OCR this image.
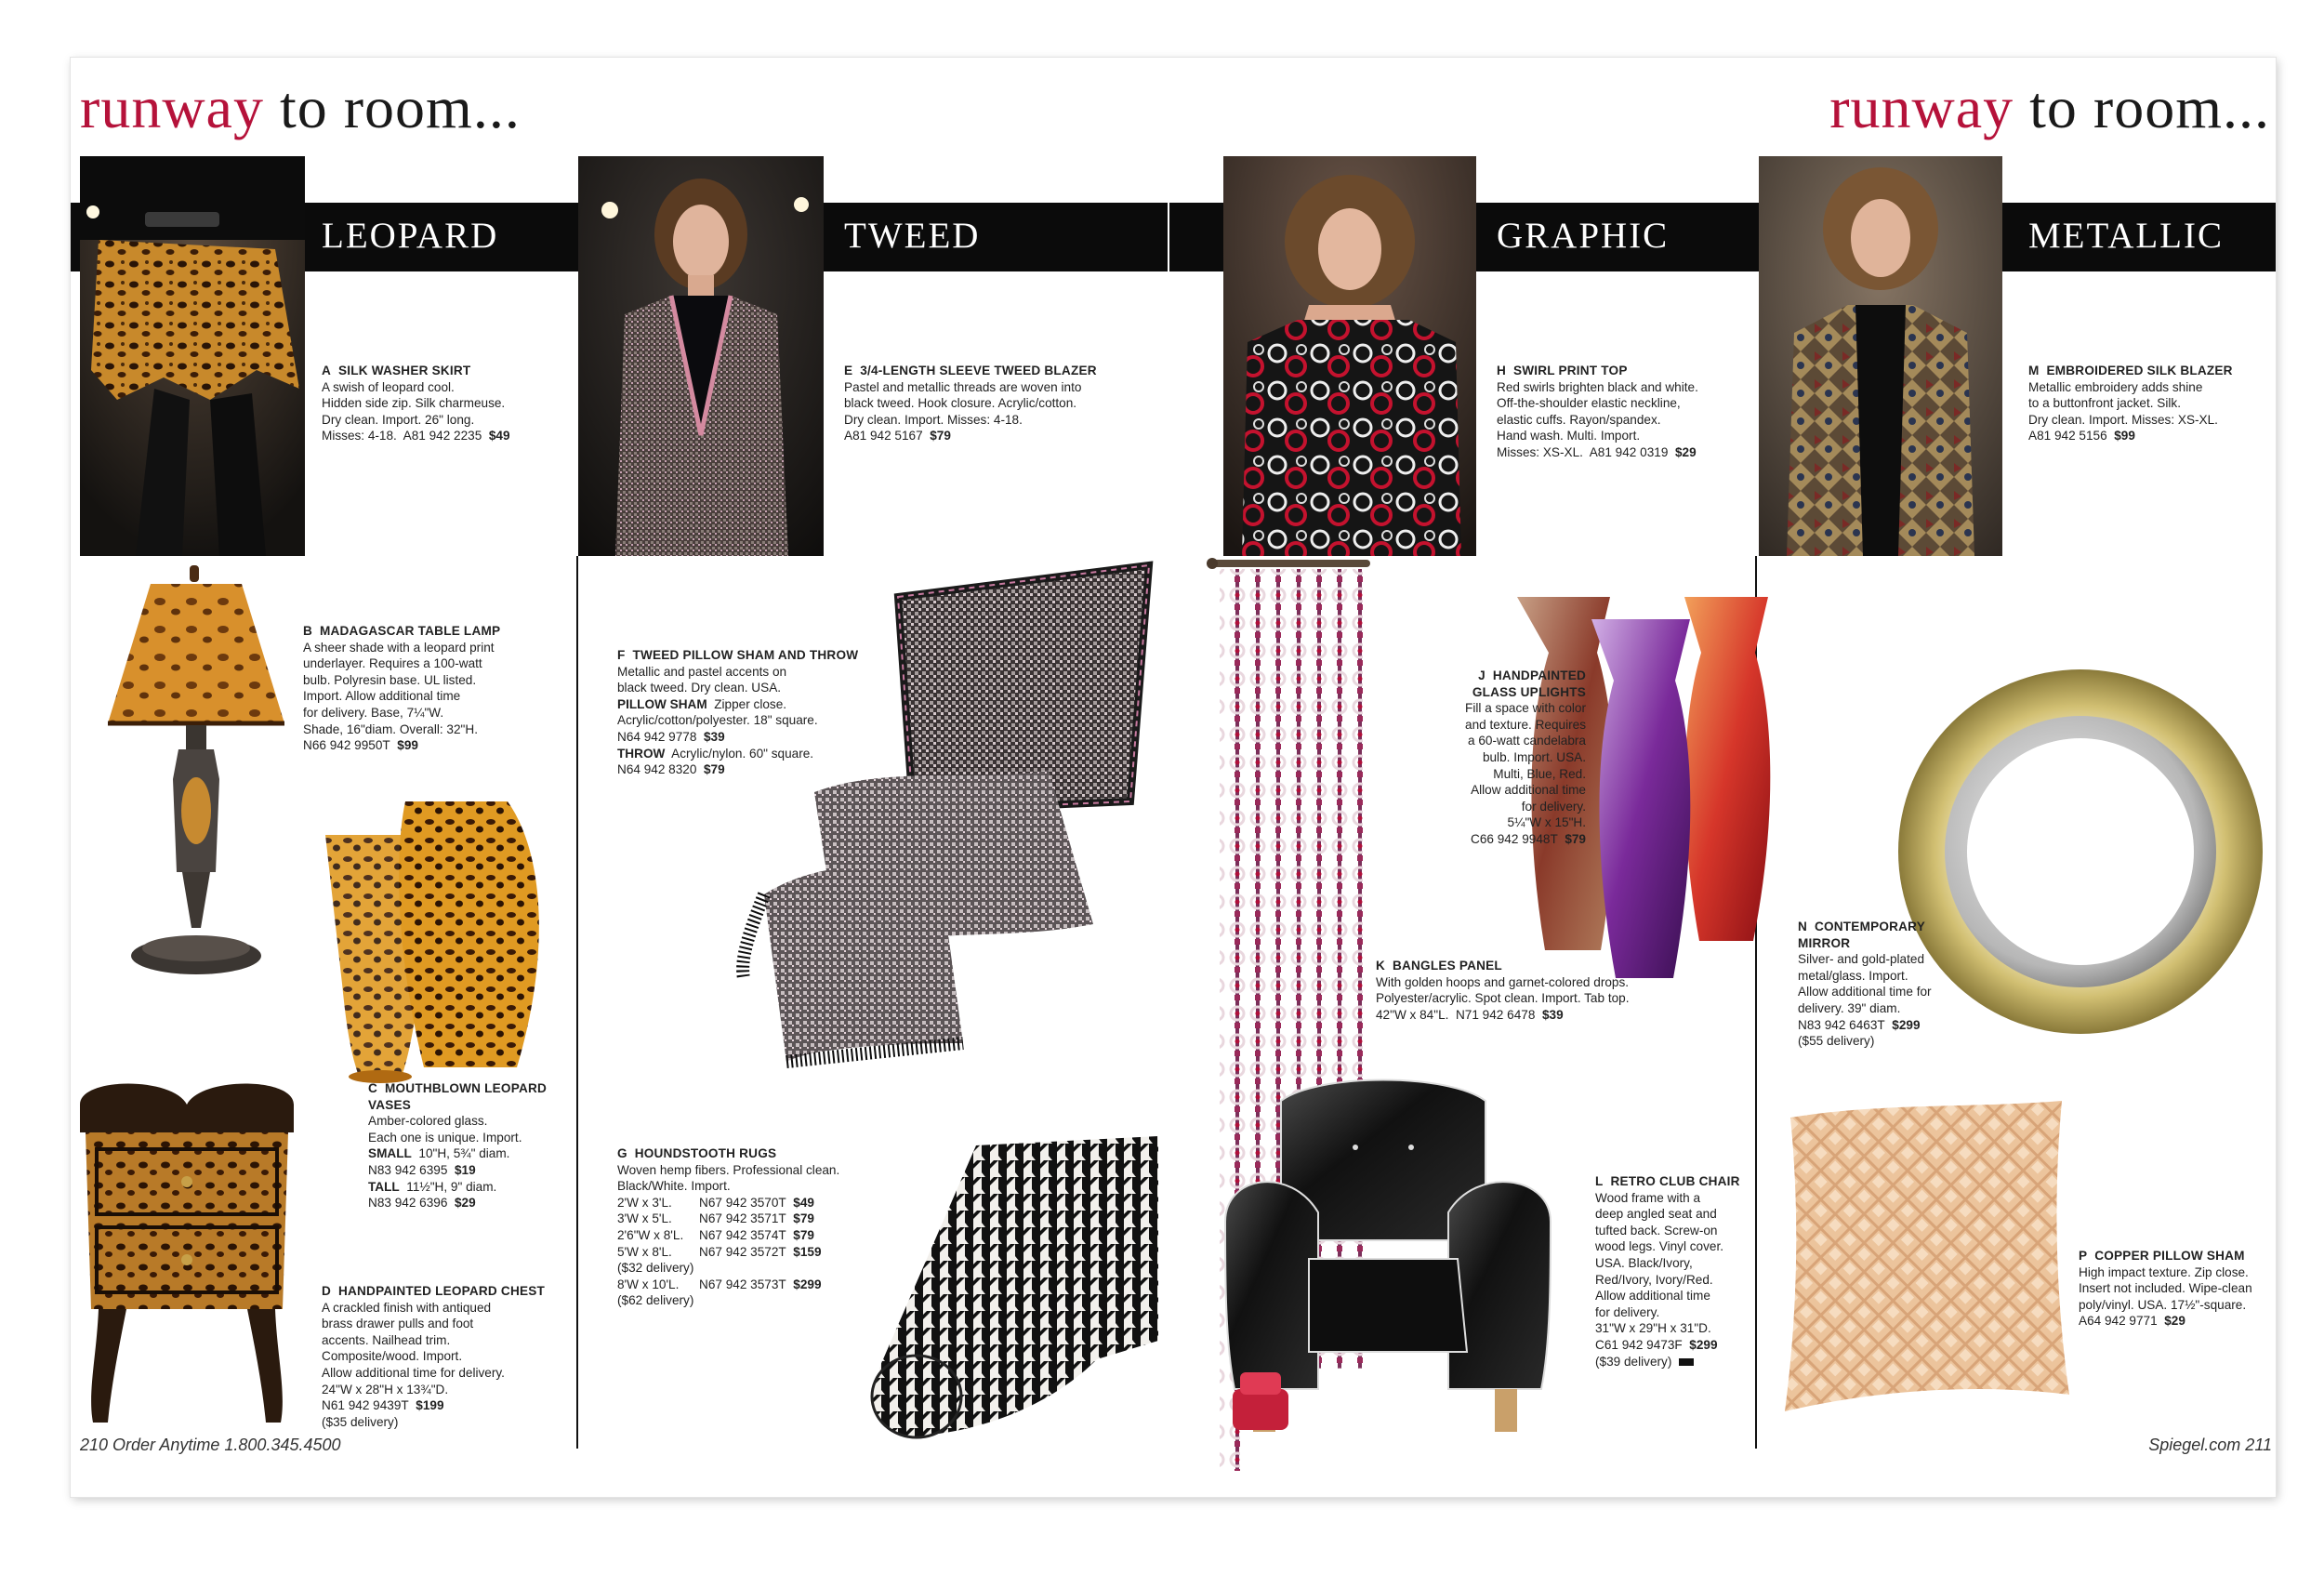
runway to room...	runway to room...
LEOPARD	TWEED	GRAPHIC	METALLIC
A SILK WASHER SKIRT
A swish of leopard cool.
Hidden side zip. Silk charmeuse.
Dry clean. Import. 26" long.
Misses: 4-18.  A81 942 2235 $49
B MADAGASCAR TABLE LAMP
A sheer shade with a leopard print
underlayer. Requires a 100-watt
bulb. Polyresin base. UL listed.
Import. Allow additional time
for delivery. Base, 7¼"W.
Shade, 16"diam. Overall: 32"H.
N66 942 9950T $99
C MOUTHBLOWN LEOPARD VASES
Amber-colored glass.
Each one is unique. Import.
SMALL 10"H, 5¾" diam.
N83 942 6395 $19
TALL 11½"H, 9" diam.
N83 942 6396 $29
D HANDPAINTED LEOPARD CHEST
A crackled finish with antiqued
brass drawer pulls and foot
accents. Nailhead trim.
Composite/wood. Import.
Allow additional time for delivery.
24"W x 28"H x 13¾"D.
N61 942 9439T $199
($35 delivery)
E 3/4-LENGTH SLEEVE TWEED BLAZER
Pastel and metallic threads are woven into
black tweed. Hook closure. Acrylic/cotton.
Dry clean. Import. Misses: 4-18.
A81 942 5167 $79
F TWEED PILLOW SHAM AND THROW
Metallic and pastel accents on
black tweed. Dry clean. USA.
PILLOW SHAM Zipper close.
Acrylic/cotton/polyester. 18" square.
N64 942 9778 $39
THROW Acrylic/nylon. 60" square.
N64 942 8320 $79
G HOUNDSTOOTH RUGS
Woven hemp fibers. Professional clean.
Black/White. Import.
2'W x 3'L. N67 942 3570T $49
3'W x 5'L. N67 942 3571T $79
2'6"W x 8'L. N67 942 3574T $79
5'W x 8'L. N67 942 3572T $159
($32 delivery)
8'W x 10'L. N67 942 3573T $299
($62 delivery)
H SWIRL PRINT TOP
Red swirls brighten black and white.
Off-the-shoulder elastic neckline,
elastic cuffs. Rayon/spandex.
Hand wash. Multi. Import.
Misses: XS-XL.  A81 942 0319 $29
J HANDPAINTED
GLASS UPLIGHTS
Fill a space with color
and texture. Requires
a 60-watt candelabra
bulb. Import. USA.
Multi, Blue, Red.
Allow additional time
for delivery.
5¼"W x 15"H.
C66 942 9948T $79
K BANGLES PANEL
With golden hoops and garnet-colored drops.
Polyester/acrylic. Spot clean. Import. Tab top.
42"W x 84"L.  N71 942 6478 $39
L RETRO CLUB CHAIR
Wood frame with a
deep angled seat and
tufted back. Screw-on
wood legs. Vinyl cover.
USA. Black/Ivory,
Red/Ivory, Ivory/Red.
Allow additional time
for delivery.
31"W x 29"H x 31"D.
C61 942 9473F $299
($39 delivery)
M EMBROIDERED SILK BLAZER
Metallic embroidery adds shine
to a buttonfront jacket. Silk.
Dry clean. Import. Misses: XS-XL.
A81 942 5156 $99
N CONTEMPORARY
MIRROR
Silver- and gold-plated
metal/glass. Import.
Allow additional time for
delivery. 39" diam.
N83 942 6463T $299
($55 delivery)
P COPPER PILLOW SHAM
High impact texture. Zip close.
Insert not included. Wipe-clean
poly/vinyl. USA. 17½"-square.
A64 942 9771 $29
210 Order Anytime 1.800.345.4500	Spiegel.com 211
